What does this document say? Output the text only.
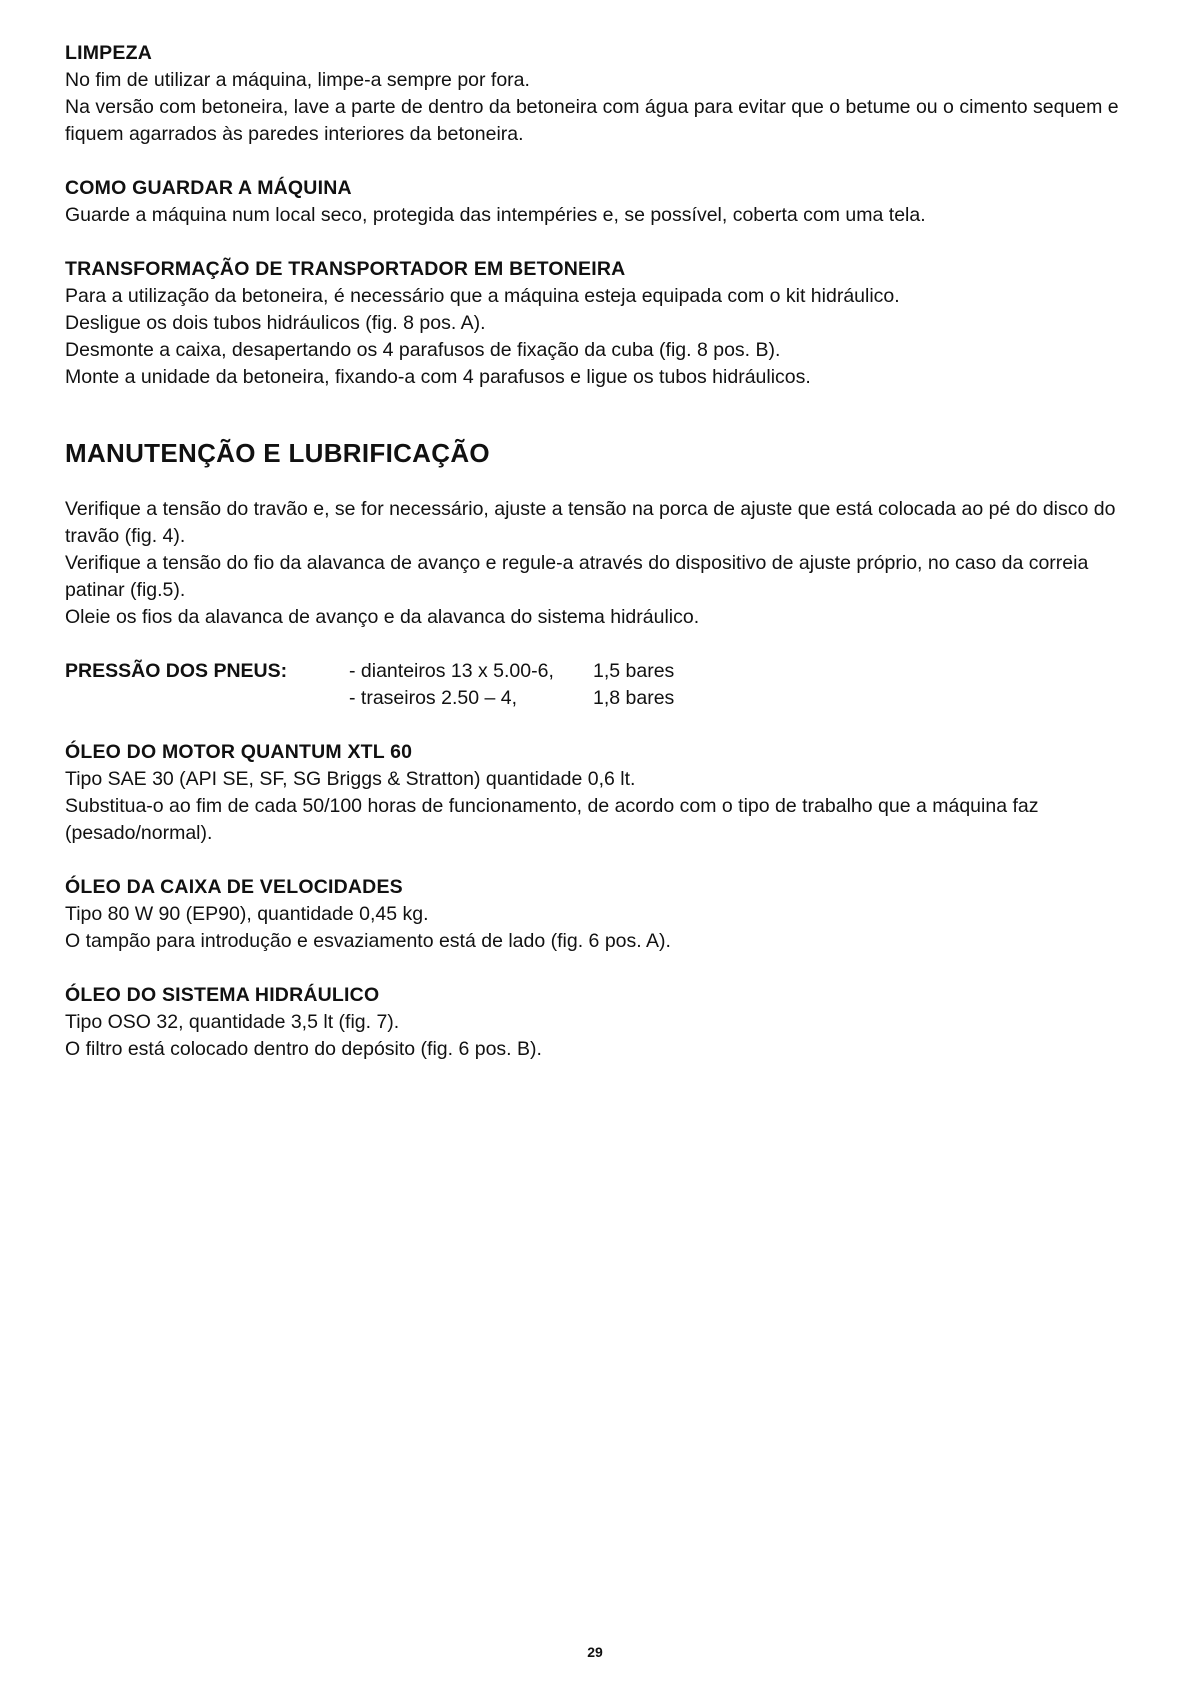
LIMPEZA

No fim de utilizar a máquina, limpe-a sempre por fora.

Na versão com betoneira, lave a parte de dentro da betoneira com água para evitar que o betume ou o cimento sequem e fiquem agarrados às paredes interiores da betoneira.

COMO GUARDAR A MÁQUINA

Guarde a máquina num local seco, protegida das intempéries e, se possível, coberta com uma tela.

TRANSFORMAÇÃO DE TRANSPORTADOR EM BETONEIRA

Para a utilização da betoneira, é necessário que a máquina esteja equipada com o kit hidráulico.

Desligue os dois tubos hidráulicos (fig. 8 pos. A).

Desmonte a caixa, desapertando os 4 parafusos de fixação da cuba (fig. 8 pos. B).

Monte a unidade da betoneira, fixando-a com 4 parafusos e ligue os tubos hidráulicos.

MANUTENÇÃO E LUBRIFICAÇÃO

Verifique a tensão do travão e, se for necessário, ajuste a tensão na porca de ajuste que está colocada ao pé do disco do travão (fig. 4).

Verifique a tensão do fio da alavanca de avanço e regule-a através do dispositivo de ajuste próprio, no caso da correia patinar (fig.5).

Oleie os fios da alavanca de avanço e da alavanca do sistema hidráulico.

PRESSÃO DOS PNEUS:	- dianteiros 13 x 5.00-6,	1,5 bares
- traseiros 2.50 – 4,	1,8 bares
ÓLEO DO MOTOR QUANTUM XTL 60

Tipo SAE 30 (API SE, SF, SG Briggs & Stratton) quantidade 0,6 lt.

Substitua-o ao fim de cada 50/100 horas de funcionamento, de acordo com o tipo de trabalho que a máquina faz (pesado/normal).

ÓLEO DA CAIXA DE VELOCIDADES

Tipo 80 W 90 (EP90), quantidade 0,45 kg.

O tampão para introdução e esvaziamento está de lado (fig. 6 pos. A).

ÓLEO DO SISTEMA HIDRÁULICO

Tipo OSO 32, quantidade 3,5 lt (fig. 7).

O filtro está colocado dentro do depósito (fig. 6 pos. B).

29
